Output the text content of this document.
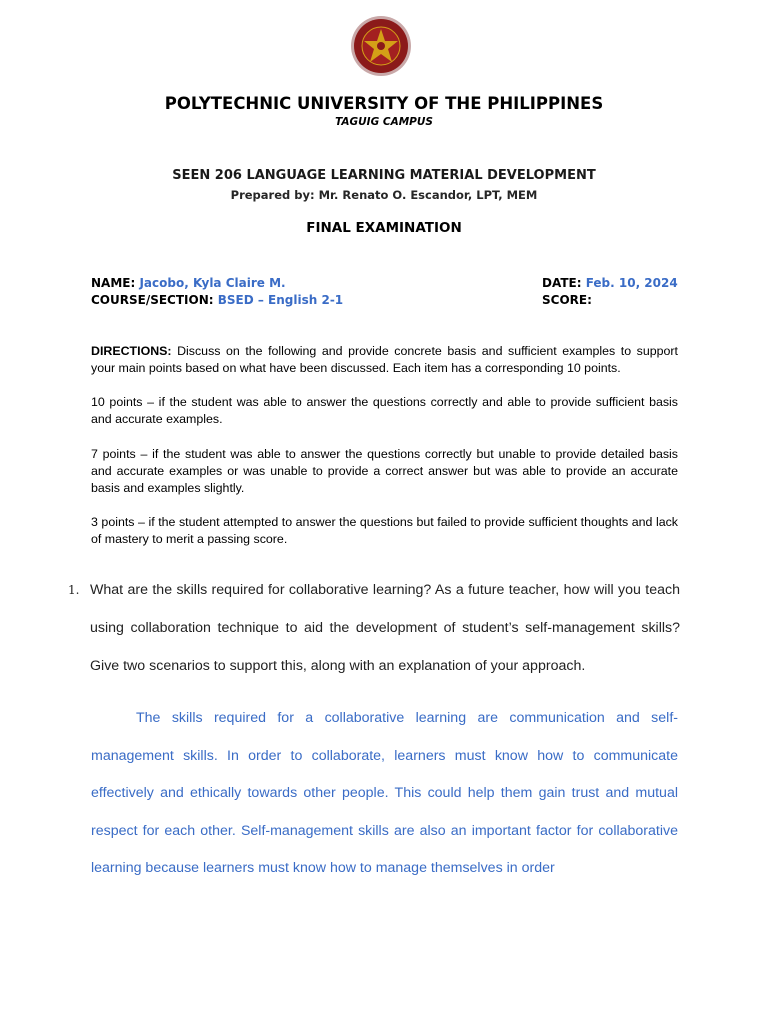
POLYTECHNIC UNIVERSITY OF THE PHILIPPINES
TAGUIG CAMPUS
SEEN 206 LANGUAGE LEARNING MATERIAL DEVELOPMENT
Prepared by: Mr. Renato O. Escandor, LPT, MEM
FINAL EXAMINATION
NAME: Jacobo, Kyla Claire M.
COURSE/SECTION: BSED – English 2-1
DATE: Feb. 10, 2024
SCORE:
DIRECTIONS: Discuss on the following and provide concrete basis and sufficient examples to support your main points based on what have been discussed. Each item has a corresponding 10 points.
10 points – if the student was able to answer the questions correctly and able to provide sufficient basis and accurate examples.
7 points – if the student was able to answer the questions correctly but unable to provide detailed basis and accurate examples or was unable to provide a correct answer but was able to provide an accurate basis and examples slightly.
3 points – if the student attempted to answer the questions but failed to provide sufficient thoughts and lack of mastery to merit a passing score.
1. What are the skills required for collaborative learning? As a future teacher, how will you teach using collaboration technique to aid the development of student’s self-management skills? Give two scenarios to support this, along with an explanation of your approach.
The skills required for a collaborative learning are communication and self-management skills. In order to collaborate, learners must know how to communicate effectively and ethically towards other people. This could help them gain trust and mutual respect for each other. Self-management skills are also an important factor for collaborative learning because learners must know how to manage themselves in order
